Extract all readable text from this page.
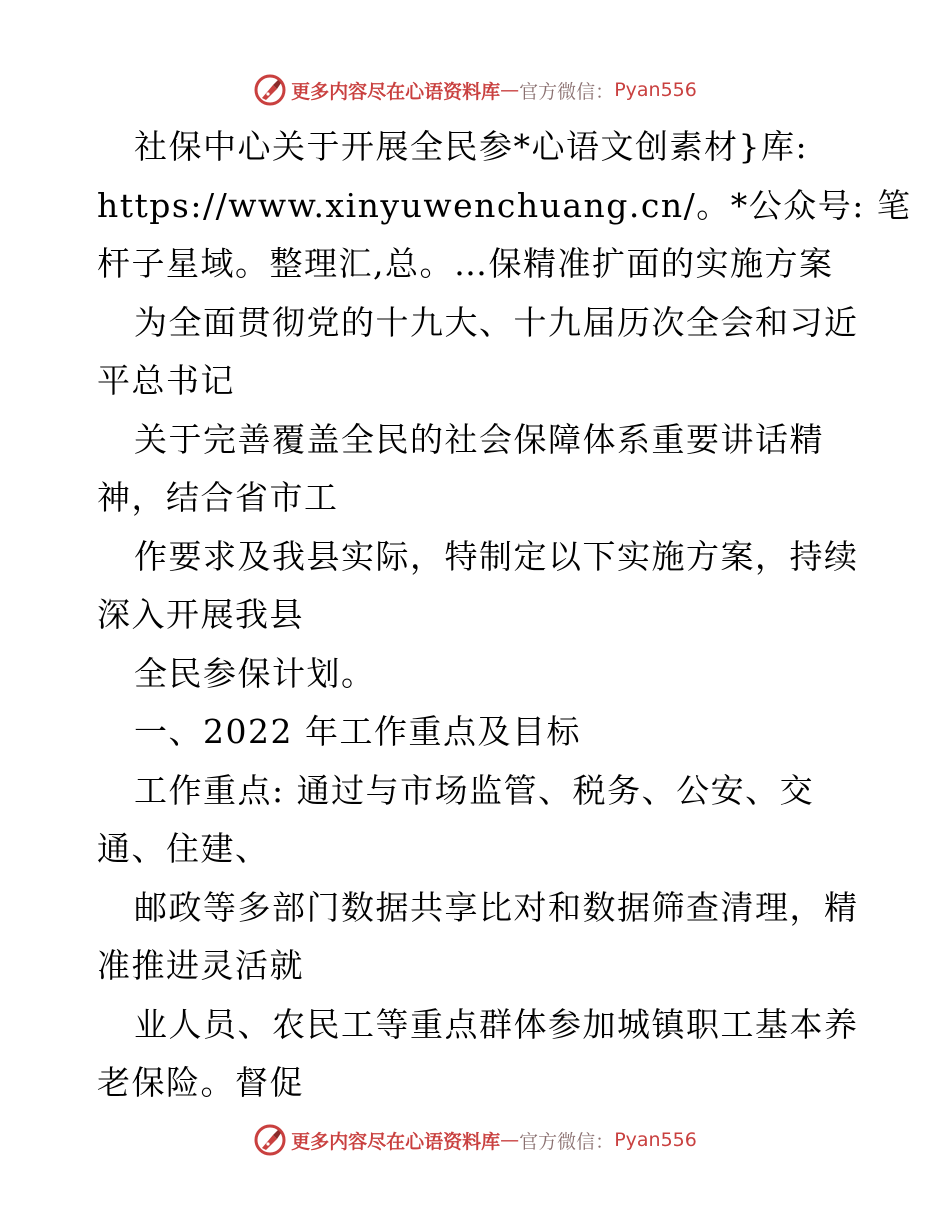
更多内容尽在心语资料库 — 官方微信： Pyan556
社保中心关于开展全民参*心语文创素材}库:
https://www.xinyuwenchuang.cn/。*公众号: 笔
杆子星域。整理汇,总。…保精准扩面的实施方案
为全面贯彻党的十九大、十九届历次全会和习近
平总书记
关于完善覆盖全民的社会保障体系重要讲话精
神，结合省市工
作要求及我县实际，特制定以下实施方案，持续
深入开展我县
全民参保计划。
一、2022 年工作重点及目标
工作重点: 通过与市场监管、税务、公安、交
通、住建、
邮政等多部门数据共享比对和数据筛查清理，精
准推进灵活就
业人员、农民工等重点群体参加城镇职工基本养
老保险。督促
更多内容尽在心语资料库 — 官方微信： Pyan556
